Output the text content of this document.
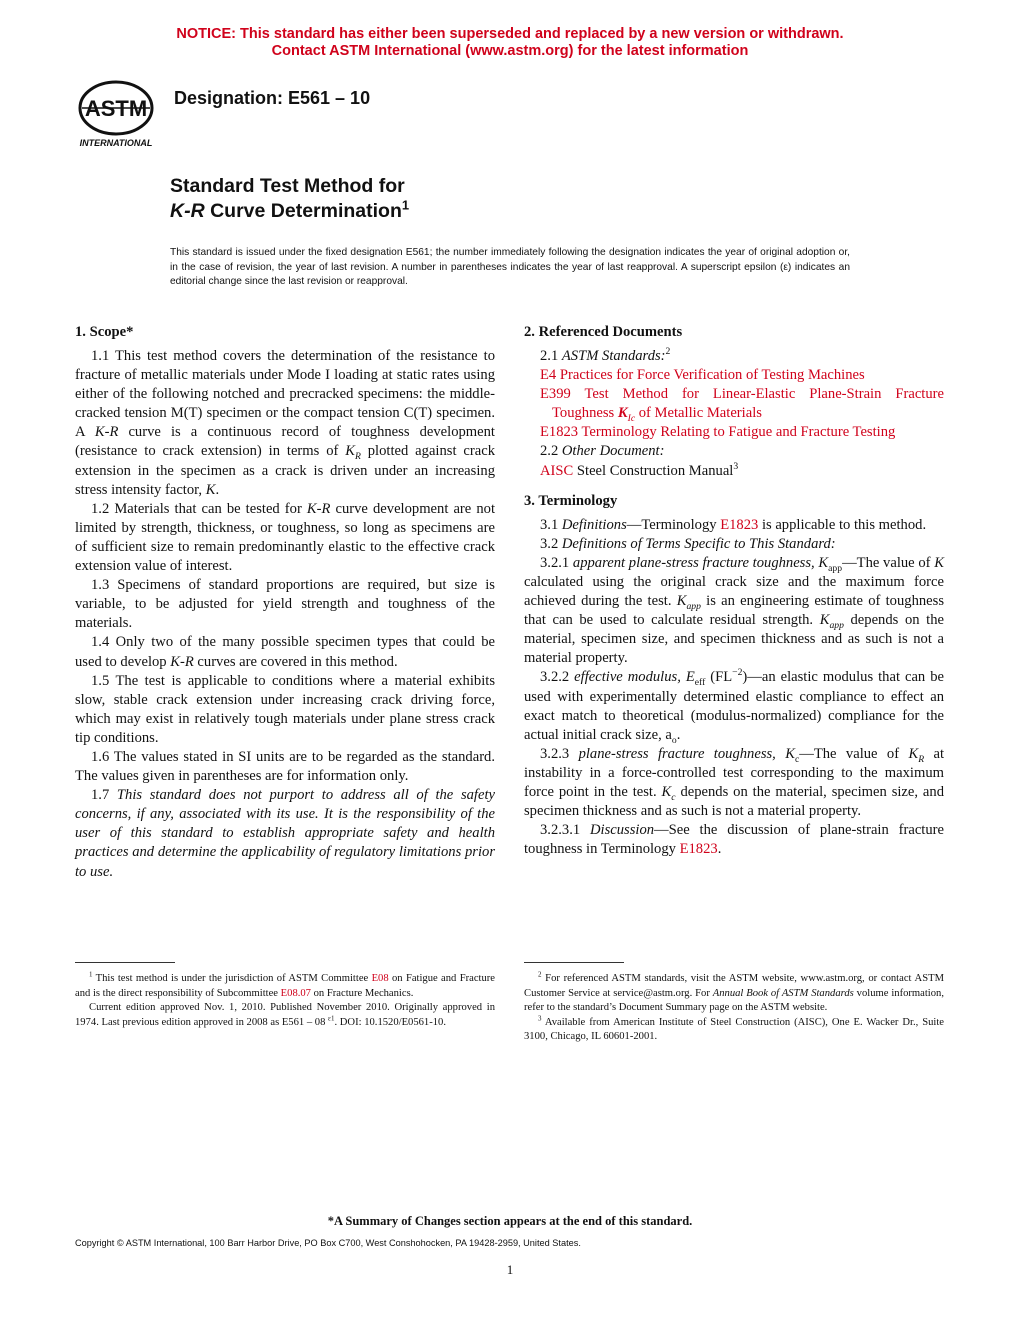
NOTICE: This standard has either been superseded and replaced by a new version or withdrawn.
Contact ASTM International (www.astm.org) for the latest information
ASTM
INTERNATIONAL
Designation: E561 – 10
Standard Test Method for
K-R Curve Determination$^1$
This standard is issued under the fixed designation E561; the number immediately following the designation indicates the year of original adoption or, in the case of revision, the year of last revision. A number in parentheses indicates the year of last reapproval. A superscript epsilon (ε) indicates an editorial change since the last revision or reapproval.
1. Scope*

1.1 This test method covers the determination of the resistance to fracture of metallic materials under Mode I loading at static rates using either of the following notched and precracked specimens: the middle-cracked tension M(T) specimen or the compact tension C(T) specimen. A K-R curve is a continuous record of toughness development (resistance to crack extension) in terms of $K_R$ plotted against crack extension in the specimen as a crack is driven under an increasing stress intensity factor, K.

1.2 Materials that can be tested for K-R curve development are not limited by strength, thickness, or toughness, so long as specimens are of sufficient size to remain predominantly elastic to the effective crack extension value of interest.

1.3 Specimens of standard proportions are required, but size is variable, to be adjusted for yield strength and toughness of the materials.

1.4 Only two of the many possible specimen types that could be used to develop K-R curves are covered in this method.

1.5 The test is applicable to conditions where a material exhibits slow, stable crack extension under increasing crack driving force, which may exist in relatively tough materials under plane stress crack tip conditions.

1.6 The values stated in SI units are to be regarded as the standard. The values given in parentheses are for information only.

1.7 This standard does not purport to address all of the safety concerns, if any, associated with its use. It is the responsibility of the user of this standard to establish appropriate safety and health practices and determine the applicability of regulatory limitations prior to use.

2. Referenced Documents

2.1 ASTM Standards:$^2$

E4 Practices for Force Verification of Testing Machines

E399 Test Method for Linear-Elastic Plane-Strain Fracture Toughness $K_{Ic}$ of Metallic Materials

E1823 Terminology Relating to Fatigue and Fracture Testing

2.2 Other Document:

AISC Steel Construction Manual$^3$

3. Terminology

3.1 Definitions—Terminology E1823 is applicable to this method.

3.2 Definitions of Terms Specific to This Standard:

3.2.1 apparent plane-stress fracture toughness, $K_{app}—The$ value of K calculated using the original crack size and the maximum force achieved during the test. $K_{app}$ is an engineering estimate of toughness that can be used to calculate residual strength. $K_{app}$ depends on the material, specimen size, and specimen thickness and as such is not a material property.

3.2.2 effective modulus, $E_{eff}$ $(FL^{-2})—an$ elastic modulus that can be used with experimentally determined elastic compliance to effect an exact match to theoretical (modulus-normalized) compliance for the actual initial crack size, $a_o$.

3.2.3 plane-stress fracture toughness, $K_c—The$ value of $K_R$ at instability in a force-controlled test corresponding to the maximum force point in the test. $K_c$ depends on the material, specimen size, and specimen thickness and as such is not a material property.

3.2.3.1 Discussion—See the discussion of plane-strain fracture toughness in Terminology E1823.

$^1$ This test method is under the jurisdiction of ASTM Committee E08 on Fatigue and Fracture and is the direct responsibility of Subcommittee E08.07 on Fracture Mechanics.

Current edition approved Nov. 1, 2010. Published November 2010. Originally approved in 1974. Last previous edition approved in 2008 as E561 – 08 $^{\varepsilon 1}$. DOI: 10.1520/E0561-10.

$^2$ For referenced ASTM standards, visit the ASTM website, www.astm.org, or contact ASTM Customer Service at service@astm.org. For Annual Book of ASTM Standards volume information, refer to the standard’s Document Summary page on the ASTM website.

$^3$ Available from American Institute of Steel Construction (AISC), One E. Wacker Dr., Suite 3100, Chicago, IL 60601-2001.

*A Summary of Changes section appears at the end of this standard.
Copyright © ASTM International, 100 Barr Harbor Drive, PO Box C700, West Conshohocken, PA 19428-2959, United States.
1
